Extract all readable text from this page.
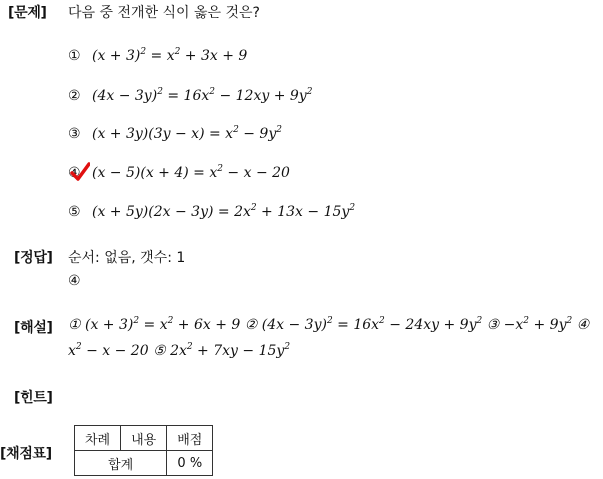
[문제] 다음 중 전개한 식이 옳은 것은?
① $(x + 3)^2 = x^2 + 3x + 9$
② $(4x - 3y)^2 = 16x^2 - 12xy + 9y^2$
③ $(x + 3y)(3y - x) = x^2 - 9y^2$
④ $(x - 5)(x + 4) = x^2 - x - 20$
⑤ $(x + 5y)(2x - 3y) = 2x^2 + 13x - 15y^2$
[정답] 순서: 없음, 갯수: 1
④
[해설] ① $(x + 3)^2 = x^2 + 6x + 9$ ② $(4x - 3y)^2 = 16x^2 - 24xy + 9y^2$ ③ $-x^2 + 9y^2$ ④
$x^2 - x - 20$ ⑤ $2x^2 + 7xy - 15y^2$
[힌트]
[채점표]
차례	내용	배점
합계		0 %
